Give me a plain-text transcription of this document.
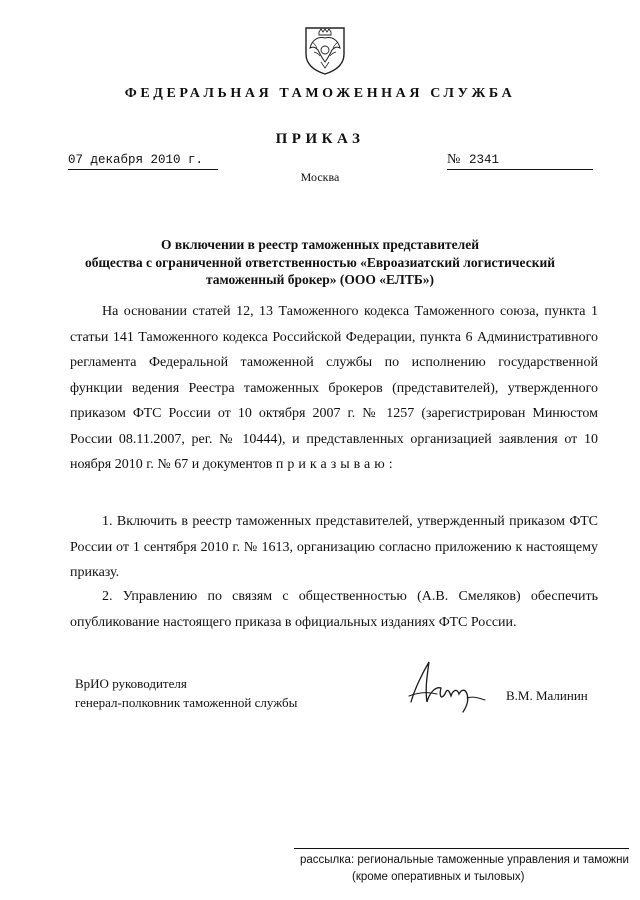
ФЕДЕРАЛЬНАЯ ТАМОЖЕННАЯ СЛУЖБА
ПРИКАЗ
07 декабря 2010 г.	№ 2341
Москва
О включении в реестр таможенных представителей
общества с ограниченной ответственностью «Евроазиатский логистический
таможенный брокер» (ООО «ЕЛТБ»)

На основании статей 12, 13 Таможенного кодекса Таможенного союза, пункта 1 статьи 141 Таможенного кодекса Российской Федерации, пункта 6 Административного регламента Федеральной таможенной службы по исполнению государственной функции ведения Реестра таможенных брокеров (представителей), утвержденного приказом ФТС России от 10 октября 2007 г. № 1257 (зарегистрирован Минюстом России 08.11.2007, рег. № 10444), и представленных организацией заявления от 10 ноября 2010 г. № 67 и документов приказываю:

1. Включить в реестр таможенных представителей, утвержденный приказом ФТС России от 1 сентября 2010 г. № 1613, организацию согласно приложению к настоящему приказу.

2. Управлению по связям с общественностью (А.В. Смеляков) обеспечить опубликование настоящего приказа в официальных изданиях ФТС России.

ВрИО руководителя
генерал-полковник таможенной службы	В.М. Малинин
рассылка: региональные таможенные управления и таможни
(кроме оперативных и тыловых)
